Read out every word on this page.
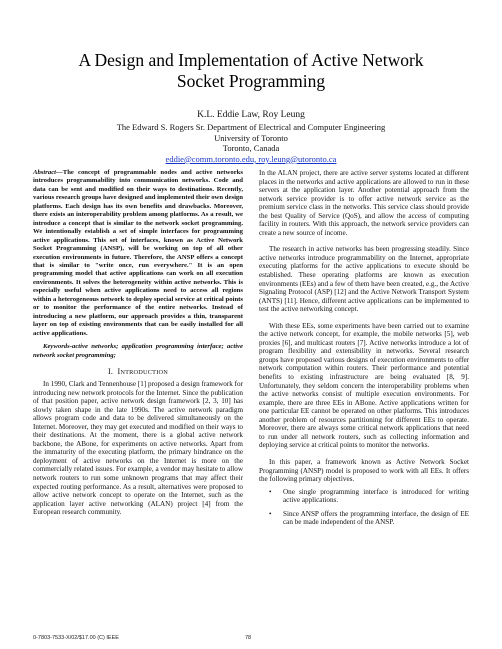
A Design and Implementation of Active Network
Socket Programming
K.L. Eddie Law, Roy Leung
The Edward S. Rogers Sr. Department of Electrical and Computer Engineering
University of Toronto
Toronto, Canada
eddie@comm.toronto.edu, roy.leung@utoronto.ca

Abstract—The concept of programmable nodes and active networks introduces programmability into communication networks. Code and data can be sent and modified on their ways to destinations. Recently, various research groups have designed and implemented their own design platforms. Each design has its own benefits and drawbacks. Moreover, there exists an interoperability problem among platforms. As a result, we introduce a concept that is similar to the network socket programming. We intentionally establish a set of simple interfaces for programming active applications. This set of interfaces, known as Active Network Socket Programming (ANSP), will be working on top of all other execution environments in future. Therefore, the ANSP offers a concept that is similar to "write once, run everywhere." It is an open programming model that active applications can work on all execution environments. It solves the heterogeneity within active networks. This is especially useful when active applications need to access all regions within a heterogeneous network to deploy special service at critical points or to monitor the performance of the entire networks. Instead of introducing a new platform, our approach provides a thin, transparent layer on top of existing environments that can be easily installed for all active applications.

Keywords-active networks; application programming interface; active network socket programming;

I. INTRODUCTION

In 1990, Clark and Tennenhouse [1] proposed a design framework for introducing new network protocols for the Internet. Since the publication of that position paper, active network design framework [2, 3, 10] has slowly taken shape in the late 1990s. The active network paradigm allows program code and data to be delivered simultaneously on the Internet. Moreover, they may get executed and modified on their ways to their destinations. At the moment, there is a global active network backbone, the ABone, for experiments on active networks. Apart from the immaturity of the executing platform, the primary hindrance on the deployment of active networks on the Internet is more on the commercially related issues. For example, a vendor may hesitate to allow network routers to run some unknown programs that may affect their expected routing performance. As a result, alternatives were proposed to allow active network concept to operate on the Internet, such as the application layer active networking (ALAN) project [4] from the European research community.

In the ALAN project, there are active server systems located at different places in the networks and active applications are allowed to run in these servers at the application layer. Another potential approach from the network service provider is to offer active network service as the premium service class in the networks. This service class should provide the best Quality of Service (QoS), and allow the access of computing facility in routers. With this approach, the network service providers can create a new source of income.

The research in active networks has been progressing steadily. Since active networks introduce programmability on the Internet, appropriate executing platforms for the active applications to execute should be established. These operating platforms are known as execution environments (EEs) and a few of them have been created, e.g., the Active Signaling Protocol (ASP) [12] and the Active Network Transport System (ANTS) [11]. Hence, different active applications can be implemented to test the active networking concept.

With these EEs, some experiments have been carried out to examine the active network concept, for example, the mobile networks [5], web proxies [6], and multicast routers [7]. Active networks introduce a lot of program flexibility and extensibility in networks. Several research groups have proposed various designs of execution environments to offer network computation within routers. Their performance and potential benefits to existing infrastructure are being evaluated [8, 9]. Unfortunately, they seldom concern the interoperability problems when the active networks consist of multiple execution environments. For example, there are three EEs in ABone. Active applications written for one particular EE cannot be operated on other platforms. This introduces another problem of resources partitioning for different EEs to operate. Moreover, there are always some critical network applications that need to run under all network routers, such as collecting information and deploying service at critical points to monitor the networks.

In this paper, a framework known as Active Network Socket Programming (ANSP) model is proposed to work with all EEs. It offers the following primary objectives.

• One single programming interface is introduced for writing active applications.
• Since ANSP offers the programming interface, the design of EE can be made independent of the ANSP.
0-7803-7533-X/02/$17.00 (C) IEEE	78
